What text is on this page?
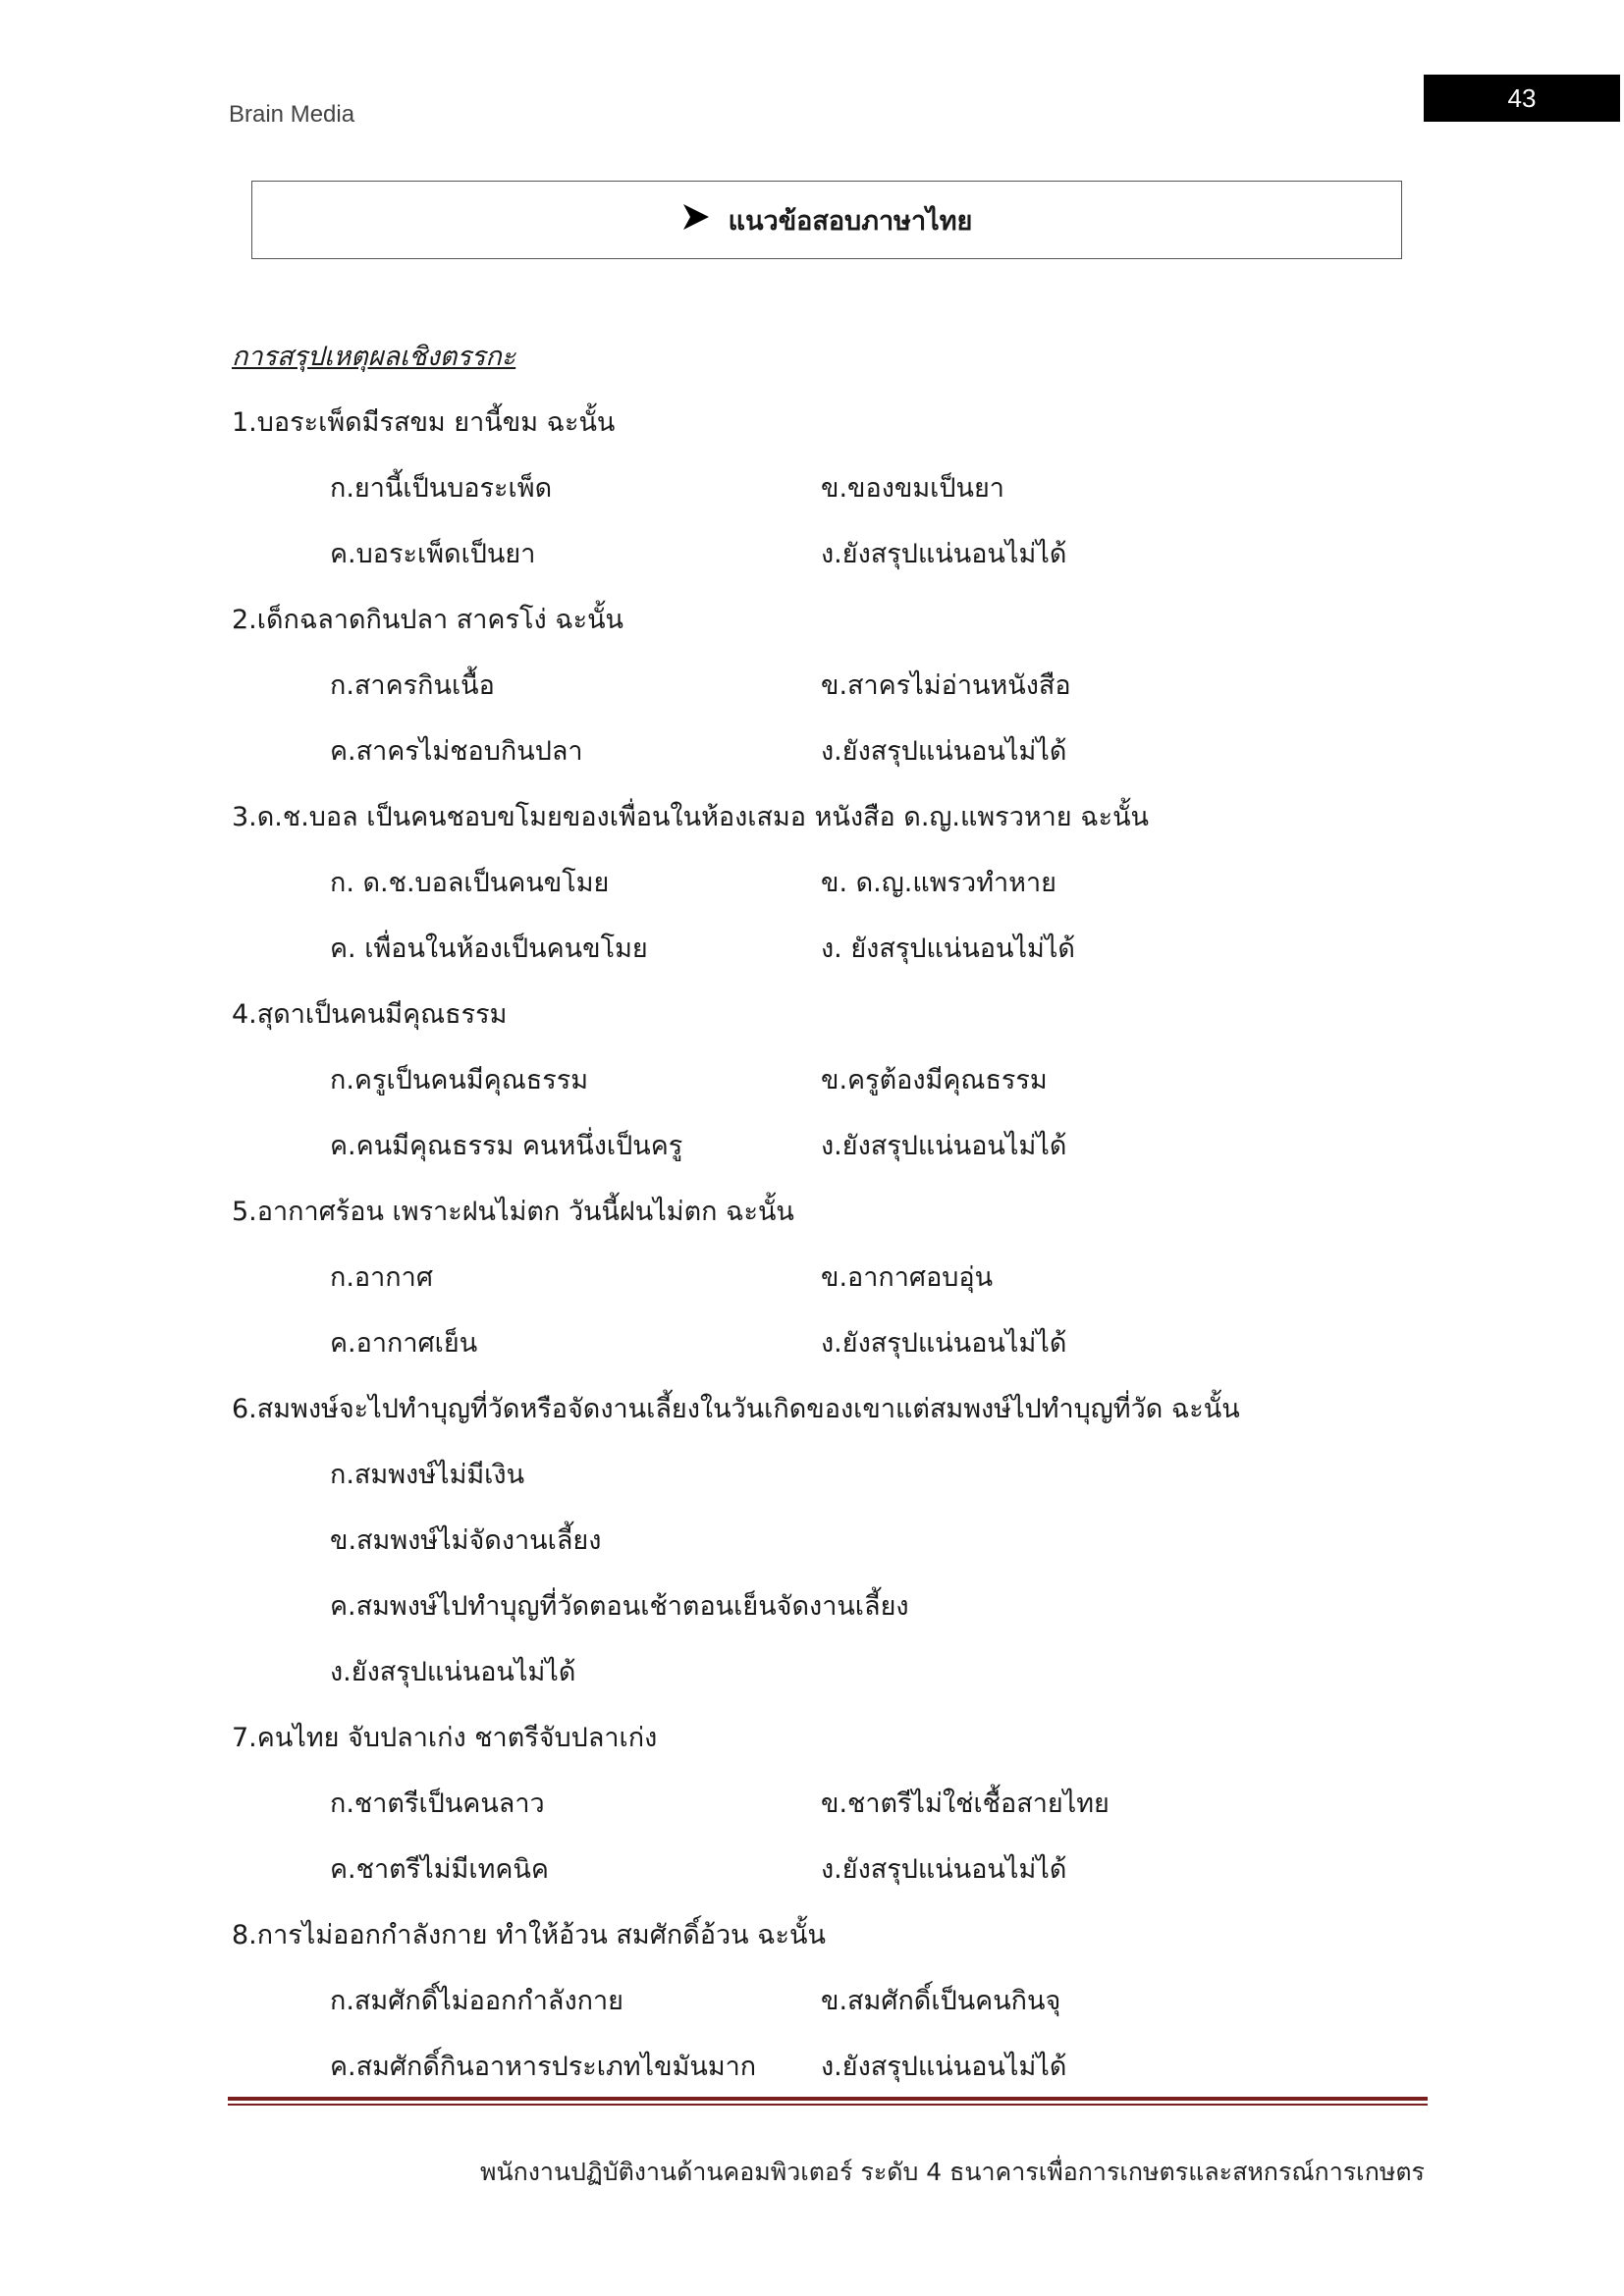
Brain Media
43
แนวข้อสอบภาษาไทย
การสรุปเหตุผลเชิงตรรกะ
1.บอระเพ็ดมีรสขม ยานี้ขม ฉะนั้น
ก.ยานี้เป็นบอระเพ็ด	ข.ของขมเป็นยา
ค.บอระเพ็ดเป็นยา	ง.ยังสรุปแน่นอนไม่ได้
2.เด็กฉลาดกินปลา สาครโง่ ฉะนั้น
ก.สาครกินเนื้อ	ข.สาครไม่อ่านหนังสือ
ค.สาครไม่ชอบกินปลา	ง.ยังสรุปแน่นอนไม่ได้
3.ด.ช.บอล เป็นคนชอบขโมยของเพื่อนในห้องเสมอ หนังสือ ด.ญ.แพรวหาย ฉะนั้น
ก. ด.ช.บอลเป็นคนขโมย	ข. ด.ญ.แพรวทำหาย
ค. เพื่อนในห้องเป็นคนขโมย	ง. ยังสรุปแน่นอนไม่ได้
4.สุดาเป็นคนมีคุณธรรม
ก.ครูเป็นคนมีคุณธรรม	ข.ครูต้องมีคุณธรรม
ค.คนมีคุณธรรม คนหนึ่งเป็นครู	ง.ยังสรุปแน่นอนไม่ได้
5.อากาศร้อน เพราะฝนไม่ตก วันนี้ฝนไม่ตก ฉะนั้น
ก.อากาศ	ข.อากาศอบอุ่น
ค.อากาศเย็น	ง.ยังสรุปแน่นอนไม่ได้
6.สมพงษ์จะไปทำบุญที่วัดหรือจัดงานเลี้ยงในวันเกิดของเขาแต่สมพงษ์ไปทำบุญที่วัด ฉะนั้น
ก.สมพงษ์ไม่มีเงิน
ข.สมพงษ์ไม่จัดงานเลี้ยง
ค.สมพงษ์ไปทำบุญที่วัดตอนเช้าตอนเย็นจัดงานเลี้ยง
ง.ยังสรุปแน่นอนไม่ได้
7.คนไทย จับปลาเก่ง ชาตรีจับปลาเก่ง
ก.ชาตรีเป็นคนลาว	ข.ชาตรีไม่ใช่เชื้อสายไทย
ค.ชาตรีไม่มีเทคนิค	ง.ยังสรุปแน่นอนไม่ได้
8.การไม่ออกกำลังกาย ทำให้อ้วน สมศักดิ์อ้วน ฉะนั้น
ก.สมศักดิ์ไม่ออกกำลังกาย	ข.สมศักดิ์เป็นคนกินจุ
ค.สมศักดิ์กินอาหารประเภทไขมันมาก	ง.ยังสรุปแน่นอนไม่ได้
พนักงานปฏิบัติงานด้านคอมพิวเตอร์ ระดับ 4 ธนาคารเพื่อการเกษตรและสหกรณ์การเกษตร
